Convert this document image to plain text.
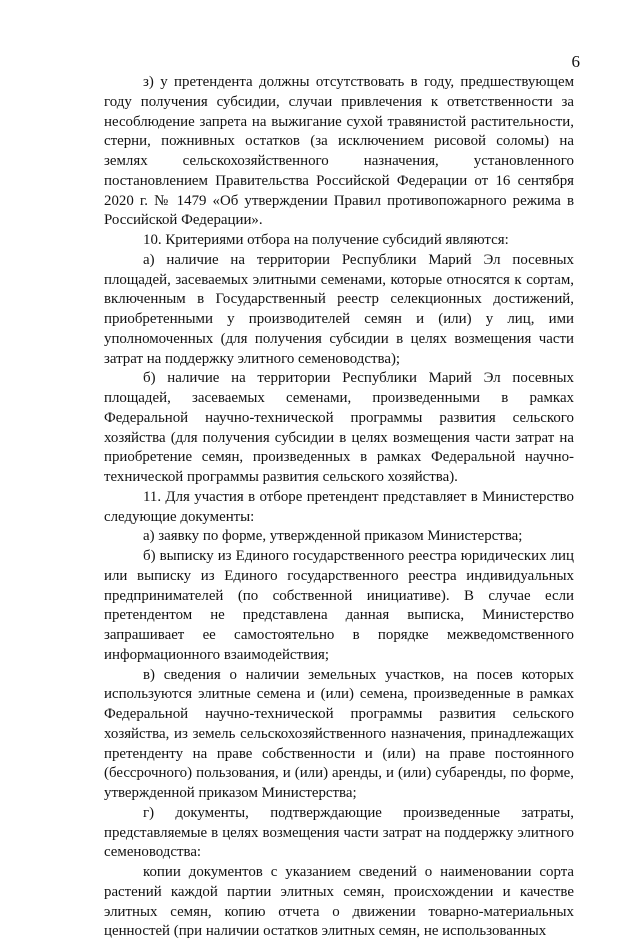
6

з) у претендента должны отсутствовать в году, предшествующем году получения субсидии, случаи привлечения к ответственности за несоблюдение запрета на выжигание сухой травянистой растительности, стерни, пожнивных остатков (за исключением рисовой соломы) на землях сельскохозяйственного назначения, установленного постановлением Правительства Российской Федерации от 16 сентября 2020 г. № 1479 «Об утверждении Правил противопожарного режима в Российской Федерации».

10. Критериями отбора на получение субсидий являются:

а) наличие на территории Республики Марий Эл посевных площадей, засеваемых элитными семенами, которые относятся к сортам, включенным в Государственный реестр селекционных достижений, приобретенными у производителей семян и (или) у лиц, ими уполномоченных (для получения субсидии в целях возмещения части затрат на поддержку элитного семеноводства);

б) наличие на территории Республики Марий Эл посевных площадей, засеваемых семенами, произведенными в рамках Федеральной научно-технической программы развития сельского хозяйства (для получения субсидии в целях возмещения части затрат на приобретение семян, произведенных в рамках Федеральной научно-технической программы развития сельского хозяйства).

11. Для участия в отборе претендент представляет в Министерство следующие документы:

а) заявку по форме, утвержденной приказом Министерства;

б) выписку из Единого государственного реестра юридических лиц или выписку из Единого государственного реестра индивидуальных предпринимателей (по собственной инициативе). В случае если претендентом не представлена данная выписка, Министерство запрашивает ее самостоятельно в порядке межведомственного информационного взаимодействия;

в) сведения о наличии земельных участков, на посев которых используются элитные семена и (или) семена, произведенные в рамках Федеральной научно-технической программы развития сельского хозяйства, из земель сельскохозяйственного назначения, принадлежащих претенденту на праве собственности и (или) на праве постоянного (бессрочного) пользования, и (или) аренды, и (или) субаренды, по форме, утвержденной приказом Министерства;

г) документы, подтверждающие произведенные затраты, представляемые в целях возмещения части затрат на поддержку элитного семеноводства:

копии документов с указанием сведений о наименовании сорта растений каждой партии элитных семян, происхождении и качестве элитных семян, копию отчета о движении товарно-материальных ценностей (при наличии остатков элитных семян, не использованных
